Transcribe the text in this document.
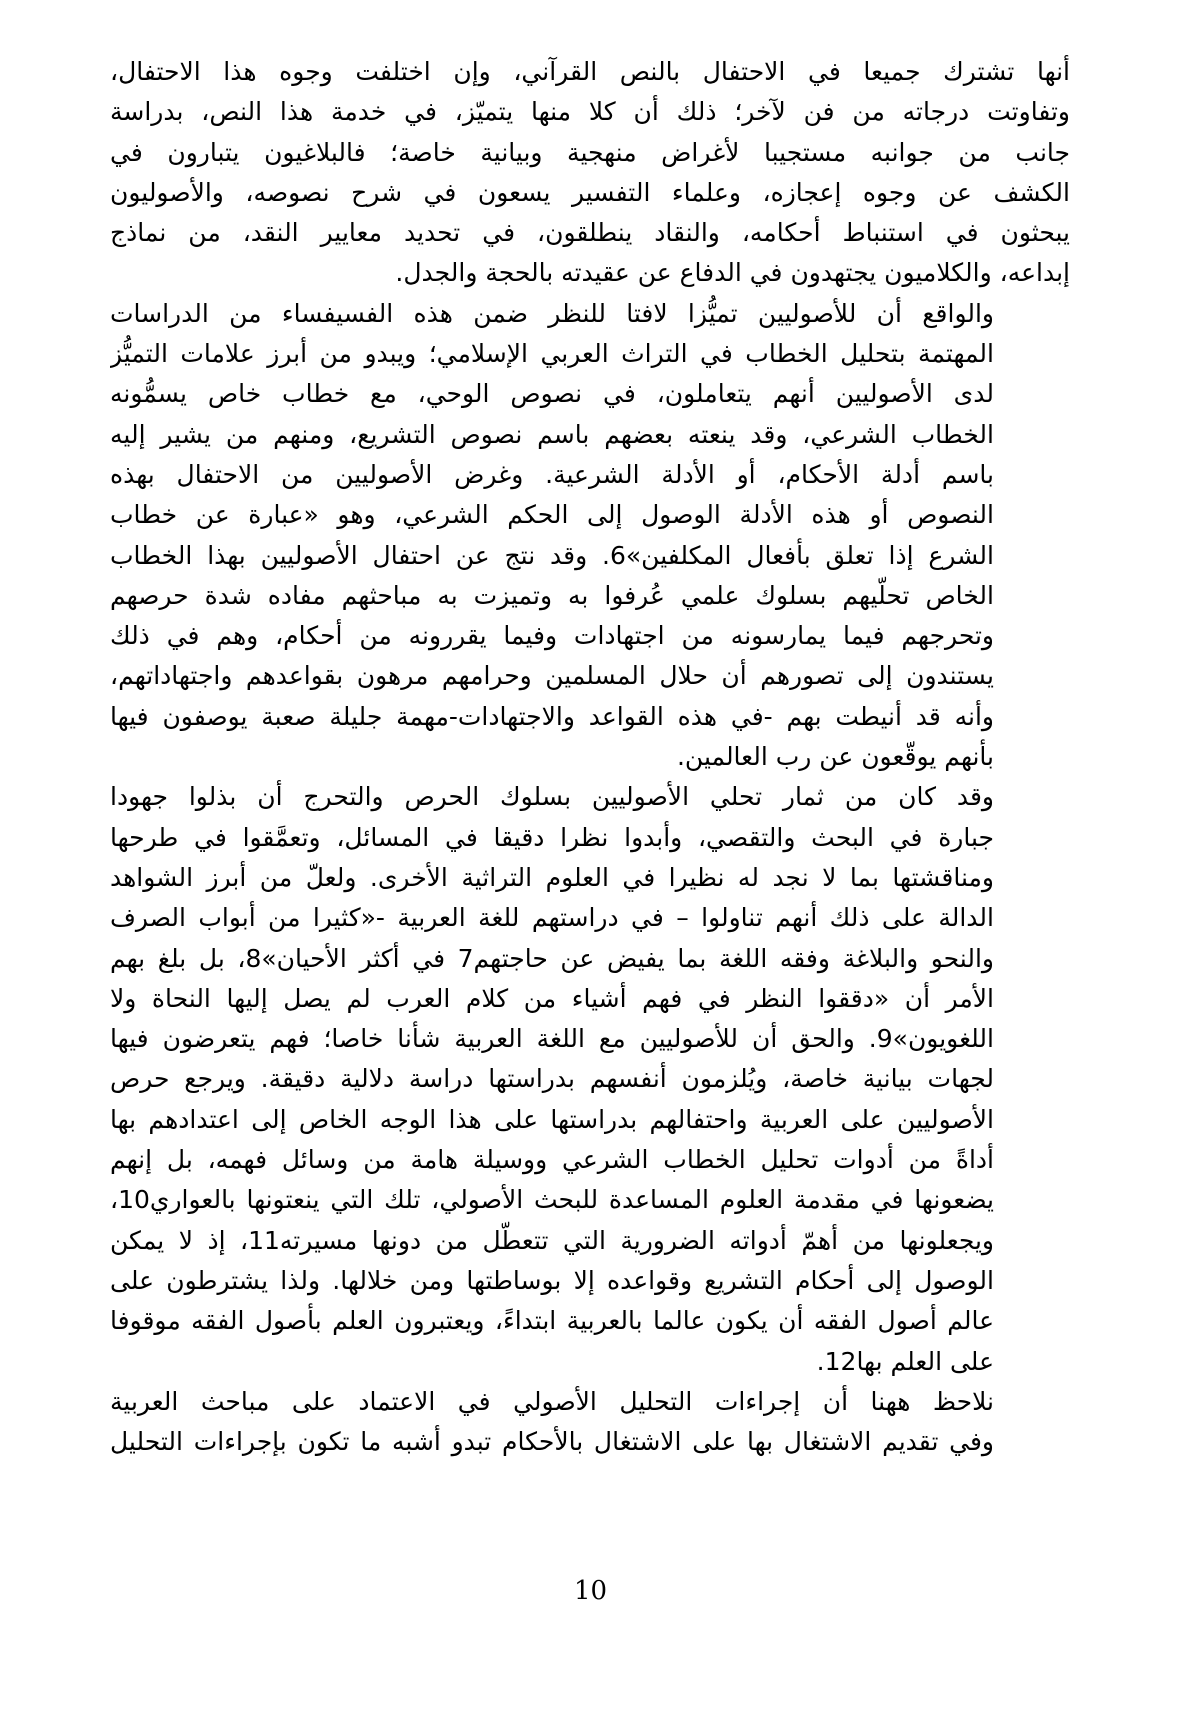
أنها تشترك جميعا في الاحتفال بالنص القرآني، وإن اختلفت وجوه هذا الاحتفال،
وتفاوتت درجاته من فن لآخر؛ ذلك أن كلا منها يتميّز، في خدمة هذا النص، بدراسة
جانب من جوانبه مستجيبا لأغراض منهجية وبيانية خاصة؛ فالبلاغيون يتبارون في
الكشف عن وجوه إعجازه، وعلماء التفسير يسعون في شرح نصوصه، والأصوليون
يبحثون في استنباط أحكامه، والنقاد ينطلقون، في تحديد معايير النقد، من نماذج
إبداعه، والكلاميون يجتهدون في الدفاع عن عقيدته بالحجة والجدل.

والواقع أن للأصوليين تميُّزا لافتا للنظر ضمن هذه الفسيفساء من الدراسات
المهتمة بتحليل الخطاب في التراث العربي الإسلامي؛ ويبدو من أبرز علامات التميُّز
لدى الأصوليين أنهم يتعاملون، في نصوص الوحي، مع خطاب خاص يسمُّونه
الخطاب الشرعي، وقد ينعته بعضهم باسم نصوص التشريع، ومنهم من يشير إليه
باسم أدلة الأحكام، أو الأدلة الشرعية. وغرض الأصوليين من الاحتفال بهذه
النصوص أو هذه الأدلة الوصول إلى الحكم الشرعي، وهو «عبارة عن خطاب
الشرع إذا تعلق بأفعال المكلفين»6. وقد نتج عن احتفال الأصوليين بهذا الخطاب
الخاص تحلّيهم بسلوك علمي عُرفوا به وتميزت به مباحثهم مفاده شدة حرصهم
وتحرجهم فيما يمارسونه من اجتهادات وفيما يقررونه من أحكام، وهم في ذلك
يستندون إلى تصورهم أن حلال المسلمين وحرامهم مرهون بقواعدهم واجتهاداتهم،
وأنه قد أنيطت بهم -في هذه القواعد والاجتهادات-مهمة جليلة صعبة يوصفون فيها
بأنهم يوقّعون عن رب العالمين.

وقد كان من ثمار تحلي الأصوليين بسلوك الحرص والتحرج أن بذلوا جهودا
جبارة في البحث والتقصي، وأبدوا نظرا دقيقا في المسائل، وتعمَّقوا في طرحها
ومناقشتها بما لا نجد له نظيرا في العلوم التراثية الأخرى. ولعلّ من أبرز الشواهد
الدالة على ذلك أنهم تناولوا – في دراستهم للغة العربية -«كثيرا من أبواب الصرف
والنحو والبلاغة وفقه اللغة بما يفيض عن حاجتهم7 في أكثر الأحيان»8، بل بلغ بهم
الأمر أن «دققوا النظر في فهم أشياء من كلام العرب لم يصل إليها النحاة ولا
اللغويون»9. والحق أن للأصوليين مع اللغة العربية شأنا خاصا؛ فهم يتعرضون فيها
لجهات بيانية خاصة، ويُلزمون أنفسهم بدراستها دراسة دلالية دقيقة. ويرجع حرص
الأصوليين على العربية واحتفالهم بدراستها على هذا الوجه الخاص إلى اعتدادهم بها
أداةً من أدوات تحليل الخطاب الشرعي ووسيلة هامة من وسائل فهمه، بل إنهم
يضعونها في مقدمة العلوم المساعدة للبحث الأصولي، تلك التي ينعتونها بالعواري10،
ويجعلونها من أهمّ أدواته الضرورية التي تتعطّل من دونها مسيرته11، إذ لا يمكن
الوصول إلى أحكام التشريع وقواعده إلا بوساطتها ومن خلالها. ولذا يشترطون على
عالم أصول الفقه أن يكون عالما بالعربية ابتداءً، ويعتبرون العلم بأصول الفقه موقوفا
على العلم بها12.

نلاحظ ههنا أن إجراءات التحليل الأصولي في الاعتماد على مباحث العربية
وفي تقديم الاشتغال بها على الاشتغال بالأحكام تبدو أشبه ما تكون بإجراءات التحليل

10
